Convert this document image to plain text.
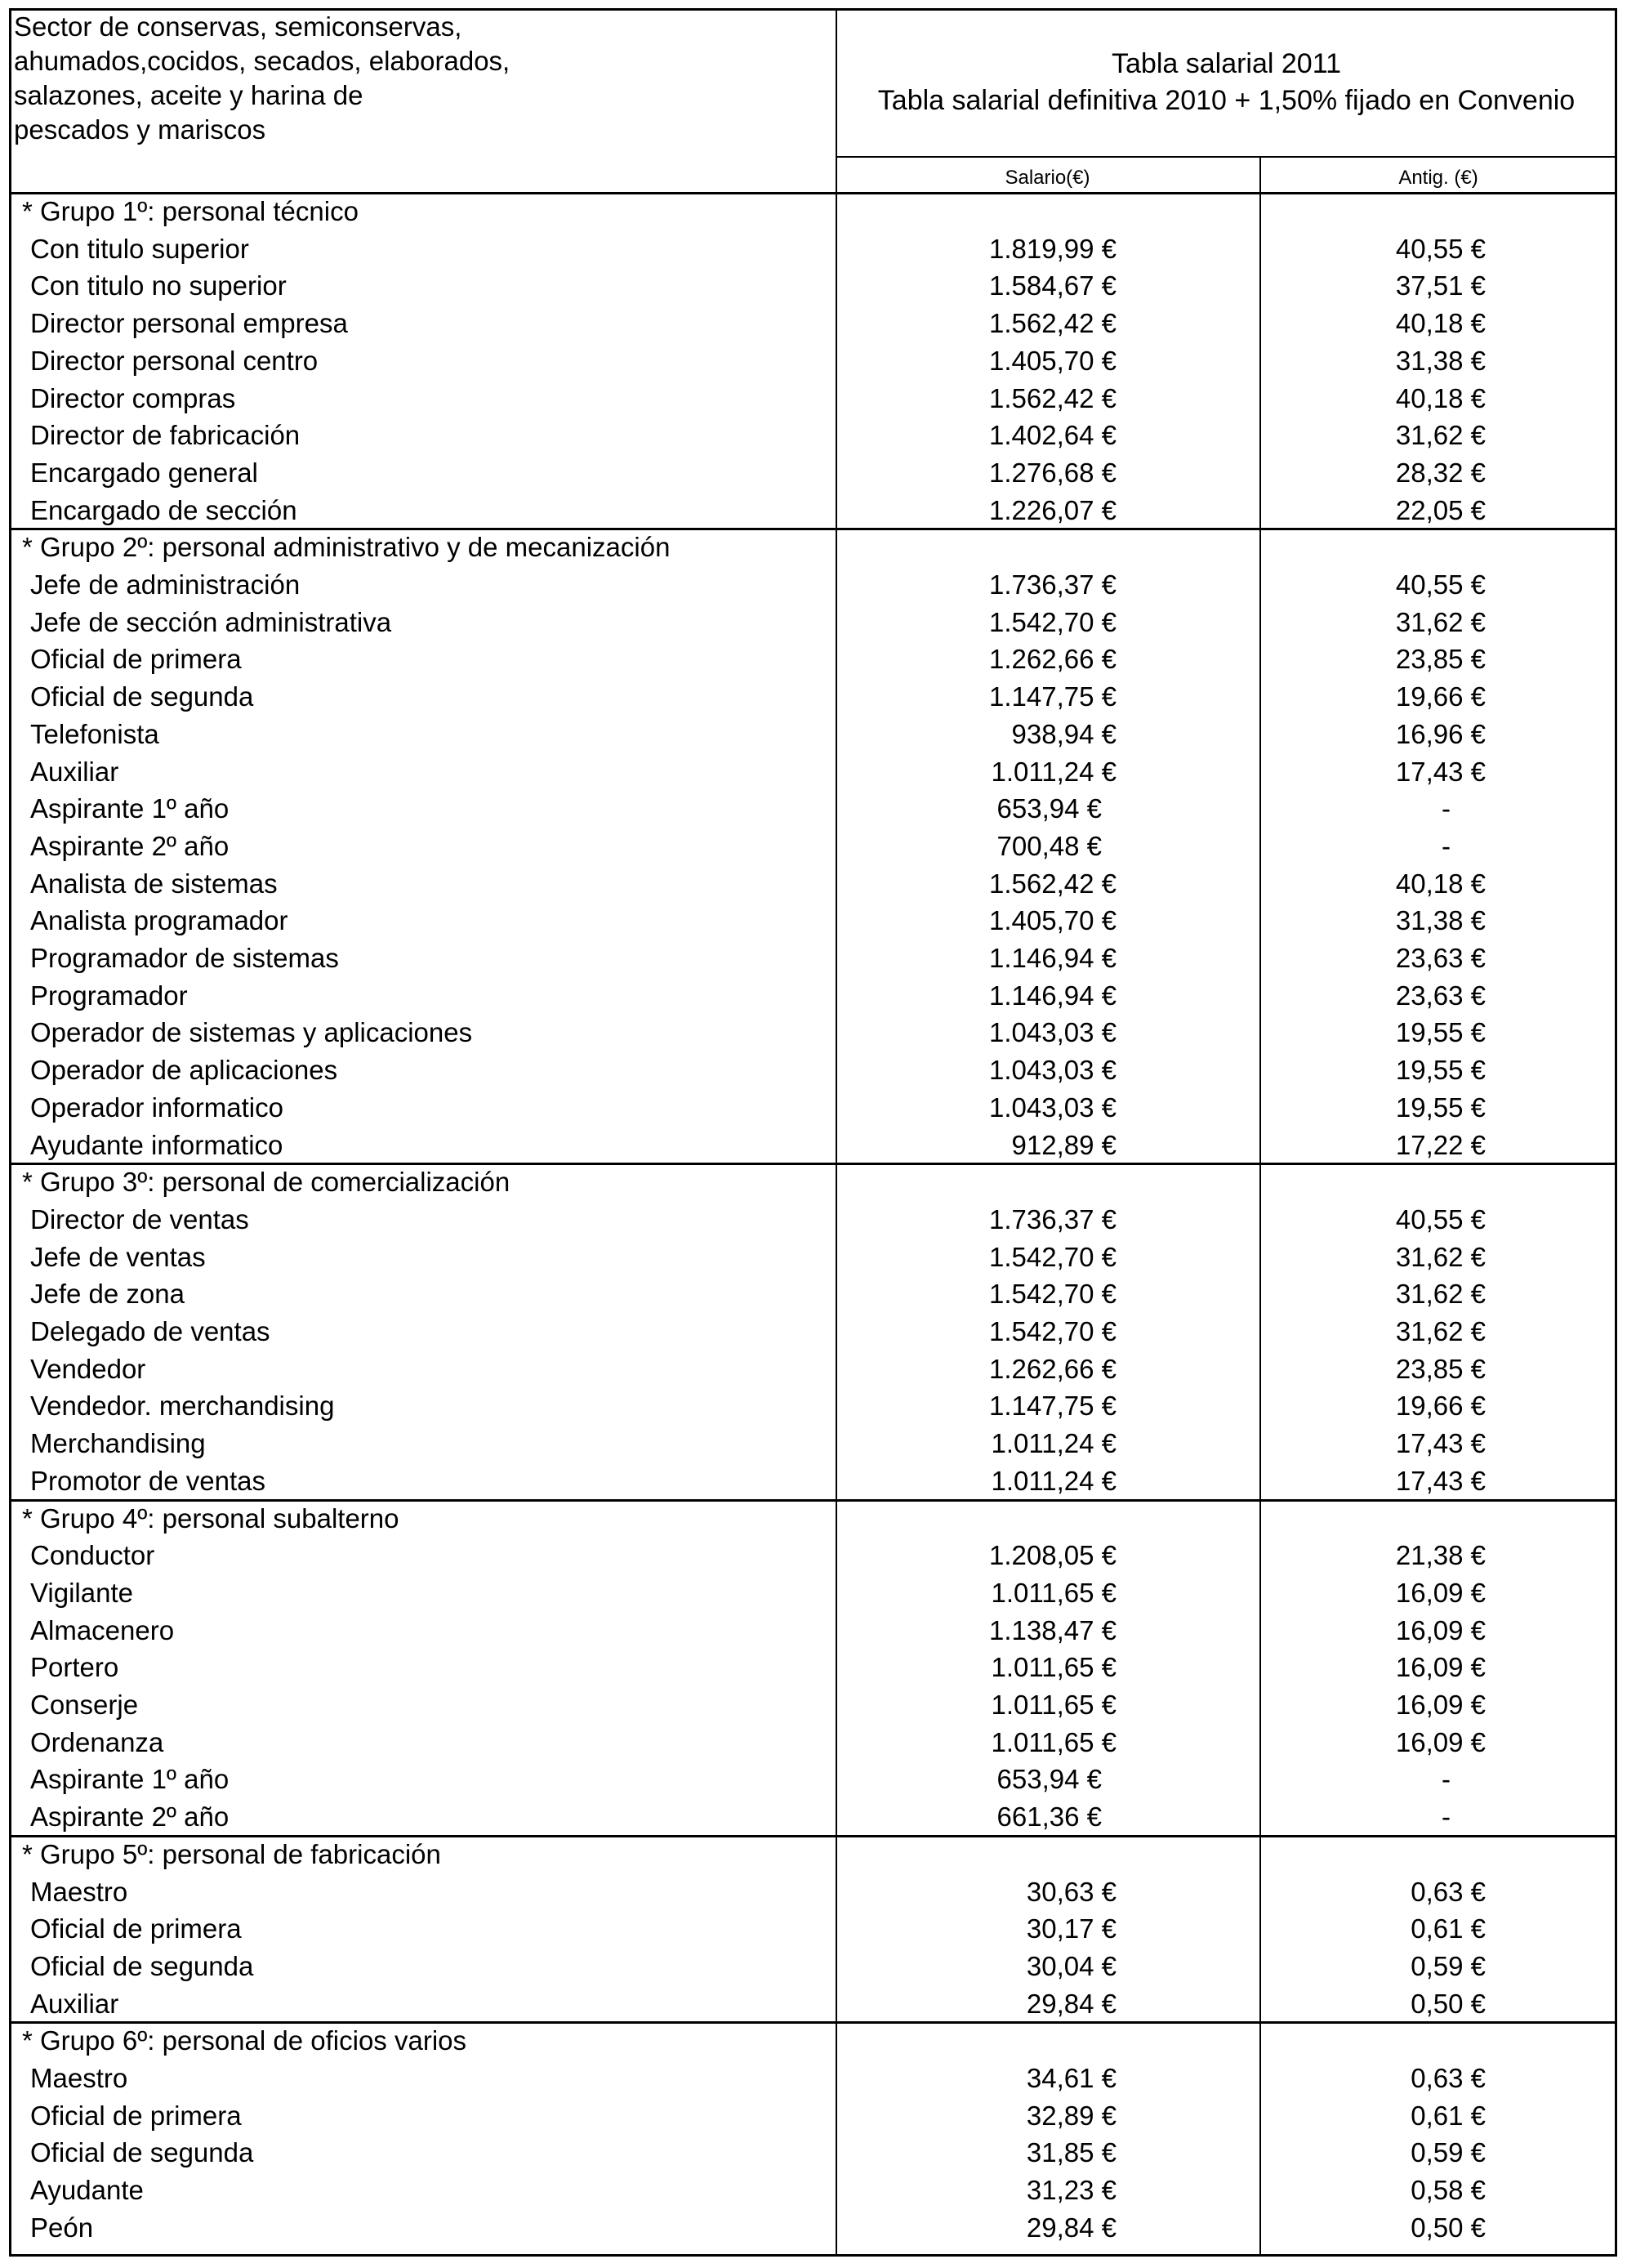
Sector de conservas, semiconservas,
ahumados,cocidos, secados, elaborados,
salazones, aceite y harina de
pescados y mariscos
Tabla salarial 2011
Tabla salarial definitiva 2010 + 1,50% fijado en Convenio
Salario(€)	Antig. (€)
* Grupo 1º: personal técnico
Con titulo superior	1.819,99 €	40,55 €
Con titulo no superior	1.584,67 €	37,51 €
Director personal empresa	1.562,42 €	40,18 €
Director personal centro	1.405,70 €	31,38 €
Director compras	1.562,42 €	40,18 €
Director de fabricación	1.402,64 €	31,62 €
Encargado general	1.276,68 €	28,32 €
Encargado de sección	1.226,07 €	22,05 €
* Grupo 2º: personal administrativo y de mecanización
Jefe de administración	1.736,37 €	40,55 €
Jefe de sección administrativa	1.542,70 €	31,62 €
Oficial de primera	1.262,66 €	23,85 €
Oficial de segunda	1.147,75 €	19,66 €
Telefonista	938,94 €	16,96 €
Auxiliar	1.011,24 €	17,43 €
Aspirante 1º año	653,94 €	-
Aspirante 2º año	700,48 €	-
Analista de sistemas	1.562,42 €	40,18 €
Analista programador	1.405,70 €	31,38 €
Programador de sistemas	1.146,94 €	23,63 €
Programador	1.146,94 €	23,63 €
Operador de sistemas y aplicaciones	1.043,03 €	19,55 €
Operador de aplicaciones	1.043,03 €	19,55 €
Operador informatico	1.043,03 €	19,55 €
Ayudante informatico	912,89 €	17,22 €
* Grupo 3º: personal de comercialización
Director de ventas	1.736,37 €	40,55 €
Jefe de ventas	1.542,70 €	31,62 €
Jefe de zona	1.542,70 €	31,62 €
Delegado de ventas	1.542,70 €	31,62 €
Vendedor	1.262,66 €	23,85 €
Vendedor. merchandising	1.147,75 €	19,66 €
Merchandising	1.011,24 €	17,43 €
Promotor de ventas	1.011,24 €	17,43 €
* Grupo 4º: personal subalterno
Conductor	1.208,05 €	21,38 €
Vigilante	1.011,65 €	16,09 €
Almacenero	1.138,47 €	16,09 €
Portero	1.011,65 €	16,09 €
Conserje	1.011,65 €	16,09 €
Ordenanza	1.011,65 €	16,09 €
Aspirante 1º año	653,94 €	-
Aspirante 2º año	661,36 €	-
* Grupo 5º: personal de fabricación
Maestro	30,63 €	0,63 €
Oficial de primera	30,17 €	0,61 €
Oficial de segunda	30,04 €	0,59 €
Auxiliar	29,84 €	0,50 €
* Grupo 6º: personal de oficios varios
Maestro	34,61 €	0,63 €
Oficial de primera	32,89 €	0,61 €
Oficial de segunda	31,85 €	0,59 €
Ayudante	31,23 €	0,58 €
Peón	29,84 €	0,50 €
